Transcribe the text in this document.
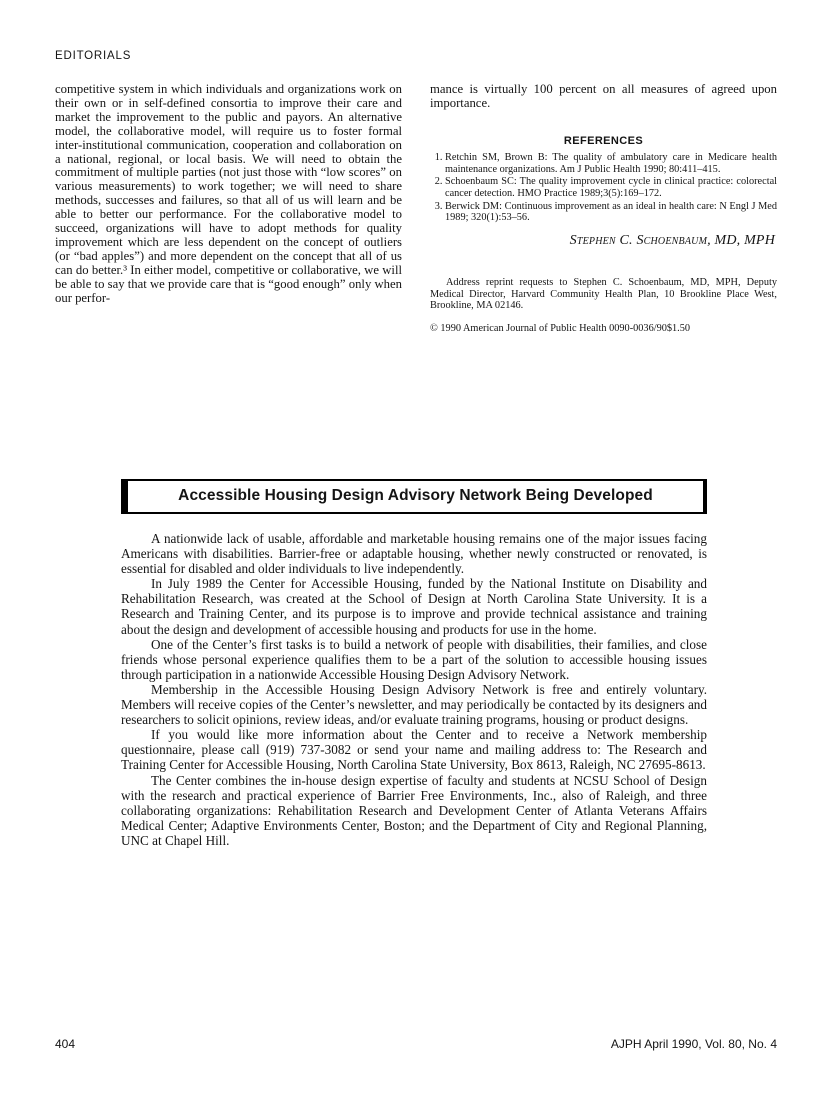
EDITORIALS

competitive system in which individuals and organizations work on their own or in self-defined consortia to improve their care and market the improvement to the public and payors. An alternative model, the collaborative model, will require us to foster formal inter-institutional communication, cooperation and collaboration on a national, regional, or local basis. We will need to obtain the commitment of multiple parties (not just those with “low scores” on various measurements) to work together; we will need to share methods, successes and failures, so that all of us will learn and be able to better our performance. For the collaborative model to succeed, organizations will have to adopt methods for quality improvement which are less dependent on the concept of outliers (or “bad apples”) and more dependent on the concept that all of us can do better.³ In either model, competitive or collaborative, we will be able to say that we provide care that is “good enough” only when our perfor-

mance is virtually 100 percent on all measures of agreed upon importance.

REFERENCES
1. Retchin SM, Brown B: The quality of ambulatory care in Medicare health maintenance organizations. Am J Public Health 1990; 80:411–415.
2. Schoenbaum SC: The quality improvement cycle in clinical practice: colorectal cancer detection. HMO Practice 1989;3(5):169–172.
3. Berwick DM: Continuous improvement as an ideal in health care: N Engl J Med 1989; 320(1):53–56.
Stephen C. Schoenbaum, MD, MPH

Address reprint requests to Stephen C. Schoenbaum, MD, MPH, Deputy Medical Director, Harvard Community Health Plan, 10 Brookline Place West, Brookline, MA 02146.

© 1990 American Journal of Public Health 0090-0036/90$1.50

Accessible Housing Design Advisory Network Being Developed

A nationwide lack of usable, affordable and marketable housing remains one of the major issues facing Americans with disabilities. Barrier-free or adaptable housing, whether newly constructed or renovated, is essential for disabled and older individuals to live independently.

In July 1989 the Center for Accessible Housing, funded by the National Institute on Disability and Rehabilitation Research, was created at the School of Design at North Carolina State University. It is a Research and Training Center, and its purpose is to improve and provide technical assistance and training about the design and development of accessible housing and products for use in the home.

One of the Center’s first tasks is to build a network of people with disabilities, their families, and close friends whose personal experience qualifies them to be a part of the solution to accessible housing issues through participation in a nationwide Accessible Housing Design Advisory Network.

Membership in the Accessible Housing Design Advisory Network is free and entirely voluntary. Members will receive copies of the Center’s newsletter, and may periodically be contacted by its designers and researchers to solicit opinions, review ideas, and/or evaluate training programs, housing or product designs.

If you would like more information about the Center and to receive a Network membership questionnaire, please call (919) 737-3082 or send your name and mailing address to: The Research and Training Center for Accessible Housing, North Carolina State University, Box 8613, Raleigh, NC 27695-8613.

The Center combines the in-house design expertise of faculty and students at NCSU School of Design with the research and practical experience of Barrier Free Environments, Inc., also of Raleigh, and three collaborating organizations: Rehabilitation Research and Development Center of Atlanta Veterans Affairs Medical Center; Adaptive Environments Center, Boston; and the Department of City and Regional Planning, UNC at Chapel Hill.

404	AJPH April 1990, Vol. 80, No. 4
